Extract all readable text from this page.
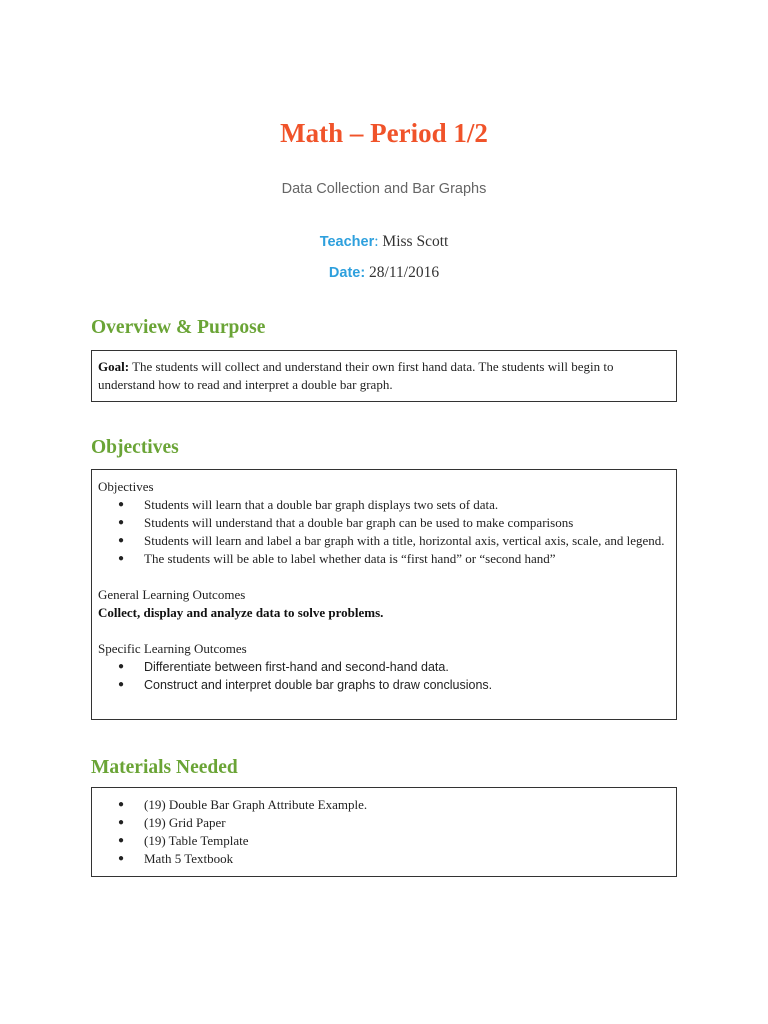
Math – Period 1/2
Data Collection and Bar Graphs
Teacher: Miss Scott
Date: 28/11/2016
Overview & Purpose

Goal: The students will collect and understand their own first hand data. The students will begin to understand how to read and interpret a double bar graph.

Objectives

Objectives

● Students will learn that a double bar graph displays two sets of data.
● Students will understand that a double bar graph can be used to make comparisons
● Students will learn and label a bar graph with a title, horizontal axis, vertical axis, scale, and legend.
● The students will be able to label whether data is “first hand” or “second hand”

General Learning Outcomes

Collect, display and analyze data to solve problems.

Specific Learning Outcomes

● Differentiate between first-hand and second-hand data.
● Construct and interpret double bar graphs to draw conclusions.
Materials Needed
● (19) Double Bar Graph Attribute Example.
● (19) Grid Paper
● (19) Table Template
● Math 5 Textbook
